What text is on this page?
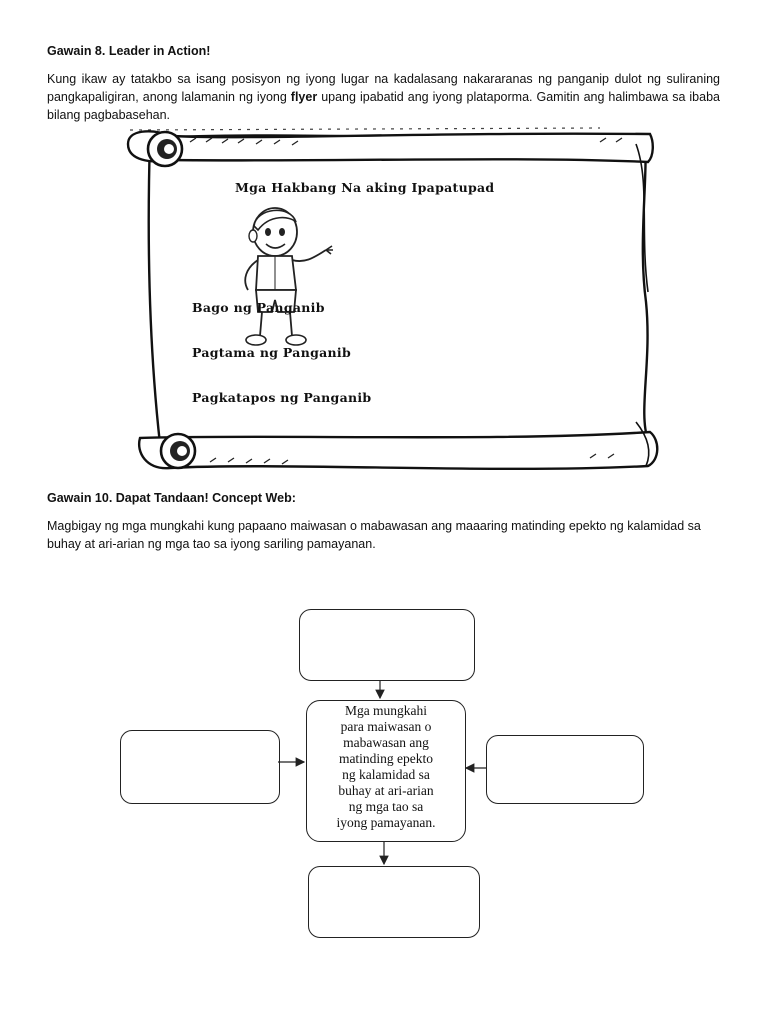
Gawain 8. Leader in Action!
Kung ikaw ay tatakbo sa isang posisyon ng iyong lugar na kadalasang nakararanas ng panganip dulot ng suliraning pangkapaligiran, anong lalamanin ng iyong flyer upang ipabatid ang iyong plataporma. Gamitin ang halimbawa sa ibaba bilang pagbabasehan.
Mga Hakbang Na aking Ipapatupad
Bago ng Panganib
Pagtama ng Panganib
Pagkatapos ng Panganib
Gawain 10. Dapat Tandaan! Concept Web:
Magbigay ng mga mungkahi kung papaano maiwasan o mabawasan ang maaaring matinding epekto ng kalamidad sa buhay at ari-arian ng mga tao sa iyong sariling pamayanan.
Mga mungkahi
para maiwasan o
mabawasan ang
matinding epekto
ng kalamidad sa
buhay at ari-arian
ng mga tao sa
iyong pamayanan.
